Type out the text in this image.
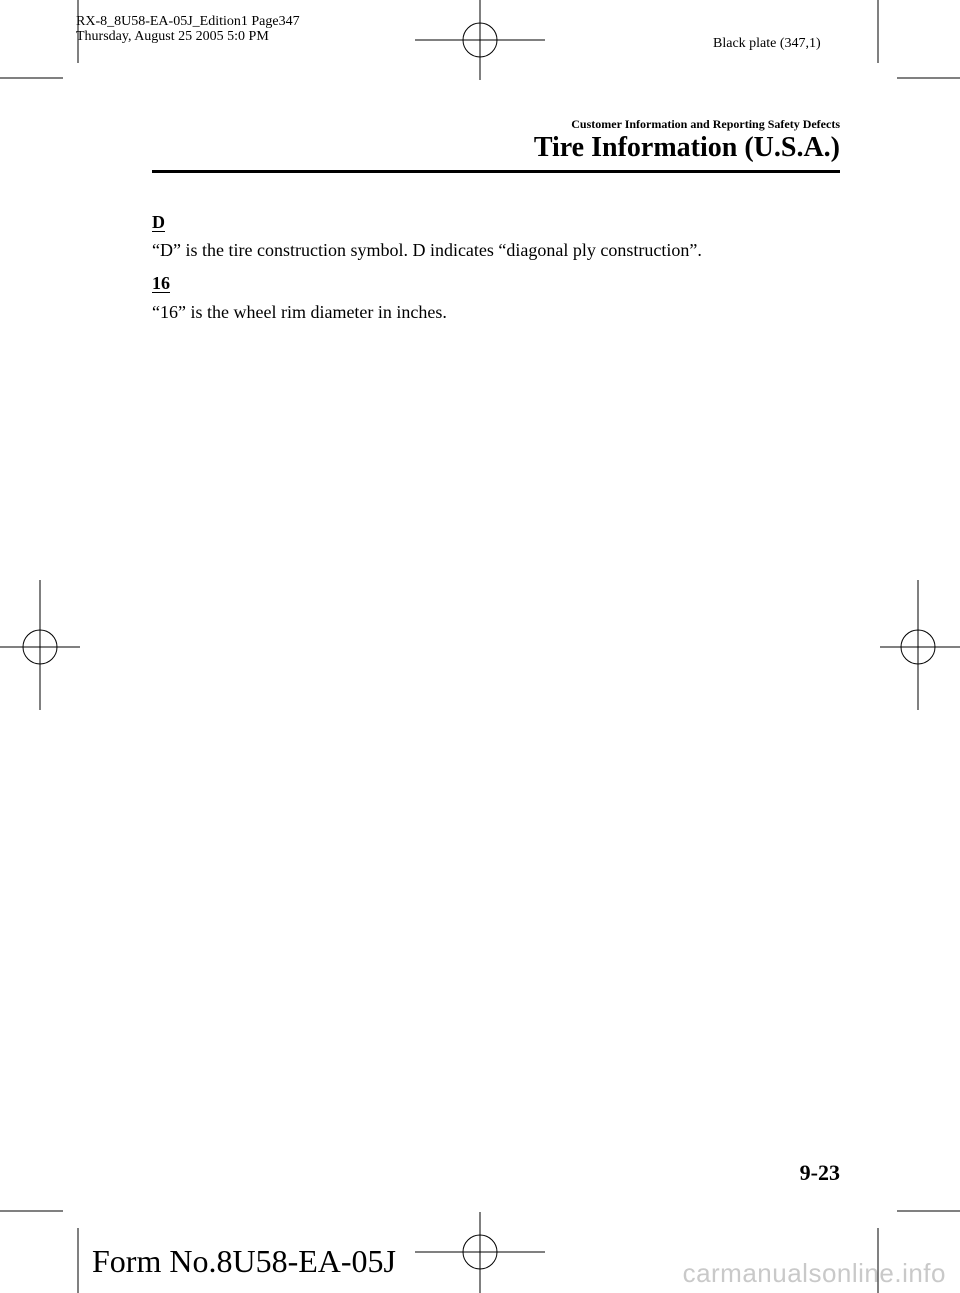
RX-8_8U58-EA-05J_Edition1 Page347
Thursday, August 25 2005 5:0 PM	Black plate (347,1)
Customer Information and Reporting Safety Defects
Tire Information (U.S.A.)
D
“D” is the tire construction symbol. D indicates “diagonal ply construction”.
16
“16” is the wheel rim diameter in inches.
9-23
Form No.8U58-EA-05J	carmanualsonline.info
